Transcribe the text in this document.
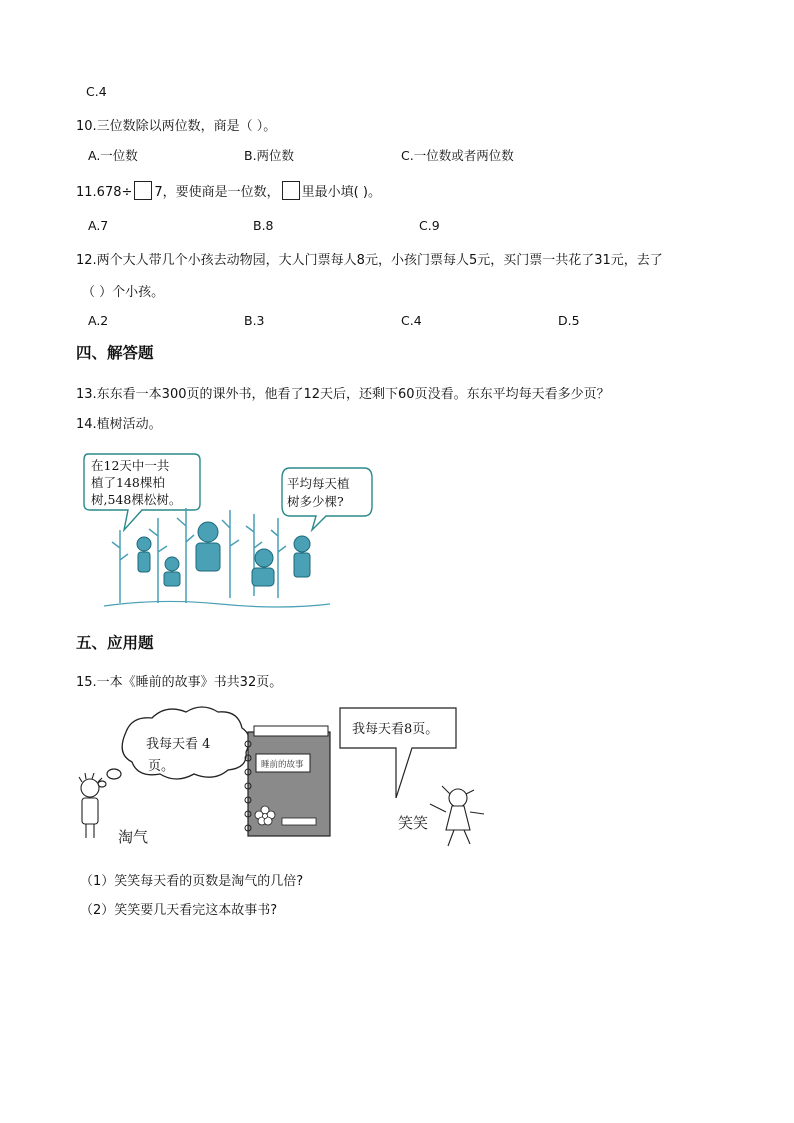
C.4
10.三位数除以两位数，商是（ ）。
A.一位数	B.两位数	C.一位数或者两位数
11.678÷ 7，要使商是一位数， 里最小填( )。
A.7	B.8	C.9
12.两个大人带几个小孩去动物园，大人门票每人8元，小孩门票每人5元，买门票一共花了31元，去了
（ ）个小孩。
A.2	B.3	C.4	D.5
四、解答题
13.东东看一本300页的课外书，他看了12天后，还剩下60页没看。东东平均每天看多少页？
14.植树活动。
在12天中一共
植了148棵柏
树,548棵松树。
平均每天植
树多少棵?
五、应用题
15.一本《睡前的故事》书共32页。
我每天看 4
页。
淘气
睡前的故事
我每天看8页。
笑笑
（1）笑笑每天看的页数是淘气的几倍?
（2）笑笑要几天看完这本故事书?
